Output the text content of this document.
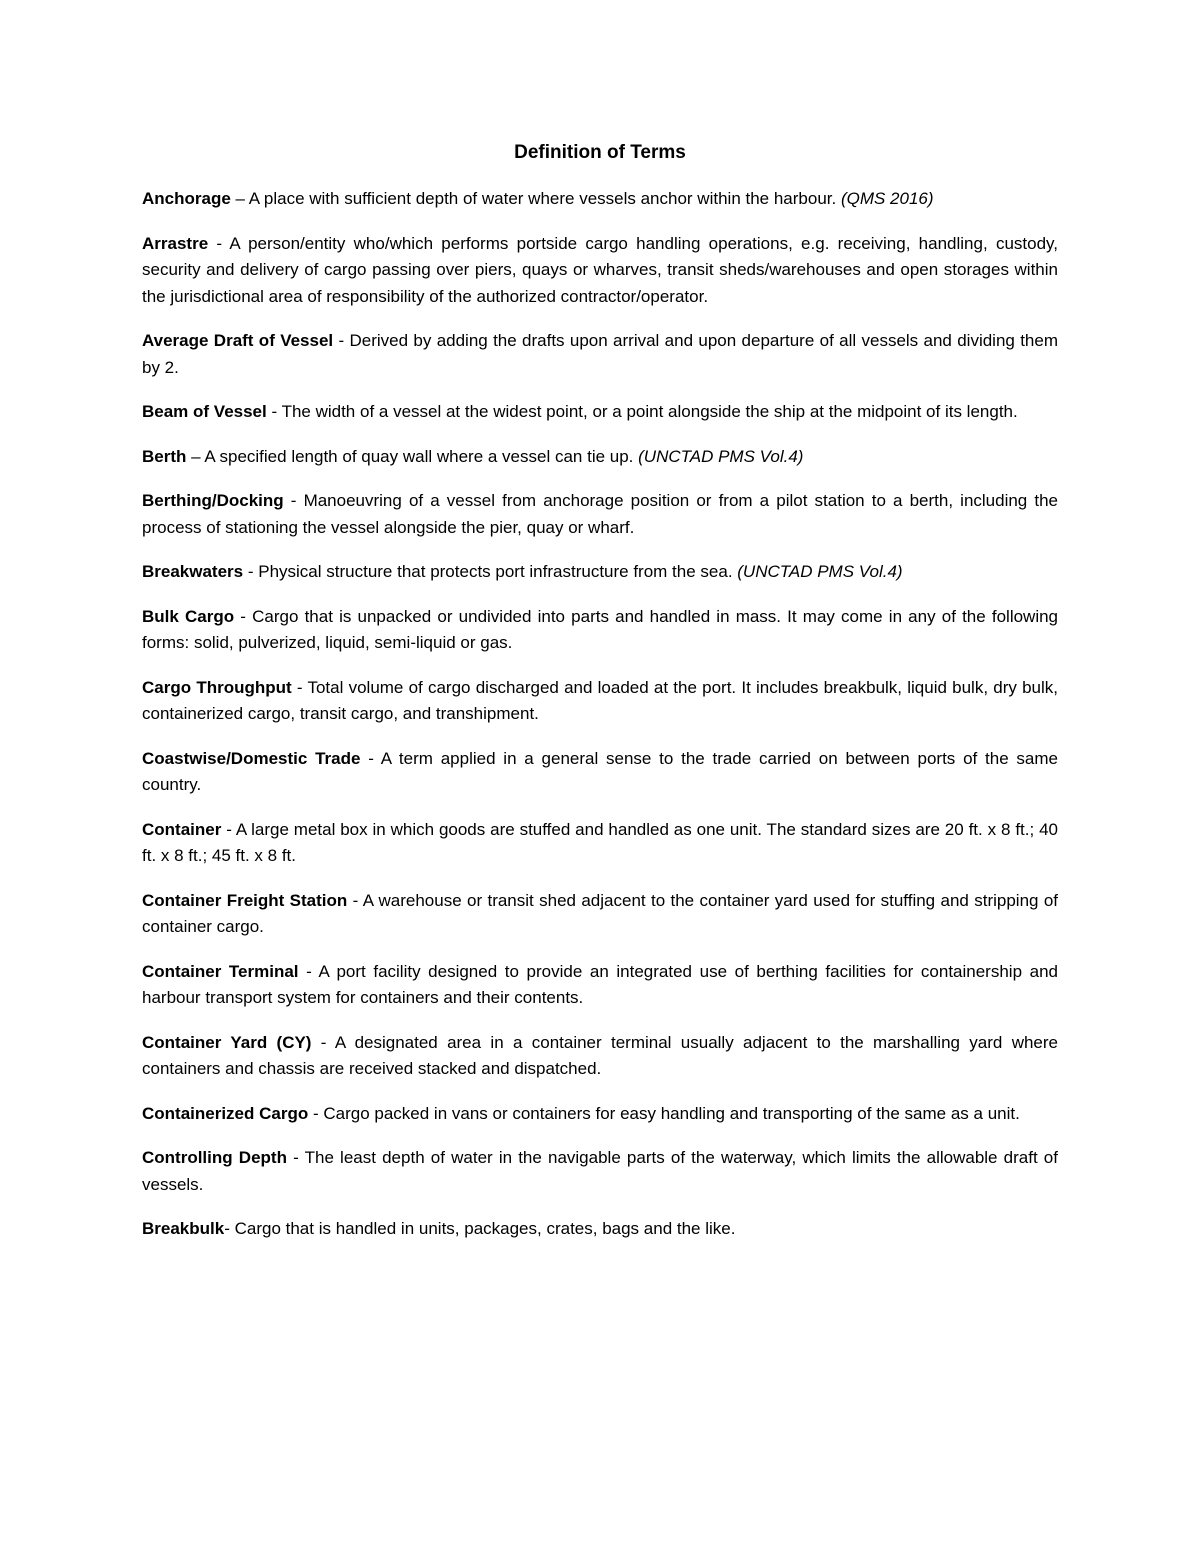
Definition of Terms

Anchorage – A place with sufficient depth of water where vessels anchor within the harbour. (QMS 2016)

Arrastre - A person/entity who/which performs portside cargo handling operations, e.g. receiving, handling, custody, security and delivery of cargo passing over piers, quays or wharves, transit sheds/warehouses and open storages within the jurisdictional area of responsibility of the authorized contractor/operator.

Average Draft of Vessel - Derived by adding the drafts upon arrival and upon departure of all vessels and dividing them by 2.

Beam of Vessel - The width of a vessel at the widest point, or a point alongside the ship at the midpoint of its length.

Berth – A specified length of quay wall where a vessel can tie up. (UNCTAD PMS Vol.4)

Berthing/Docking - Manoeuvring of a vessel from anchorage position or from a pilot station to a berth, including the process of stationing the vessel alongside the pier, quay or wharf.

Breakwaters - Physical structure that protects port infrastructure from the sea. (UNCTAD PMS Vol.4)

Bulk Cargo - Cargo that is unpacked or undivided into parts and handled in mass. It may come in any of the following forms: solid, pulverized, liquid, semi-liquid or gas.

Cargo Throughput - Total volume of cargo discharged and loaded at the port. It includes breakbulk, liquid bulk, dry bulk, containerized cargo, transit cargo, and transhipment.

Coastwise/Domestic Trade - A term applied in a general sense to the trade carried on between ports of the same country.

Container - A large metal box in which goods are stuffed and handled as one unit. The standard sizes are 20 ft. x 8 ft.; 40 ft. x 8 ft.; 45 ft. x 8 ft.

Container Freight Station - A warehouse or transit shed adjacent to the container yard used for stuffing and stripping of container cargo.

Container Terminal - A port facility designed to provide an integrated use of berthing facilities for containership and harbour transport system for containers and their contents.

Container Yard (CY) - A designated area in a container terminal usually adjacent to the marshalling yard where containers and chassis are received stacked and dispatched.

Containerized Cargo - Cargo packed in vans or containers for easy handling and transporting of the same as a unit.

Controlling Depth - The least depth of water in the navigable parts of the waterway, which limits the allowable draft of vessels.

Breakbulk- Cargo that is handled in units, packages, crates, bags and the like.
